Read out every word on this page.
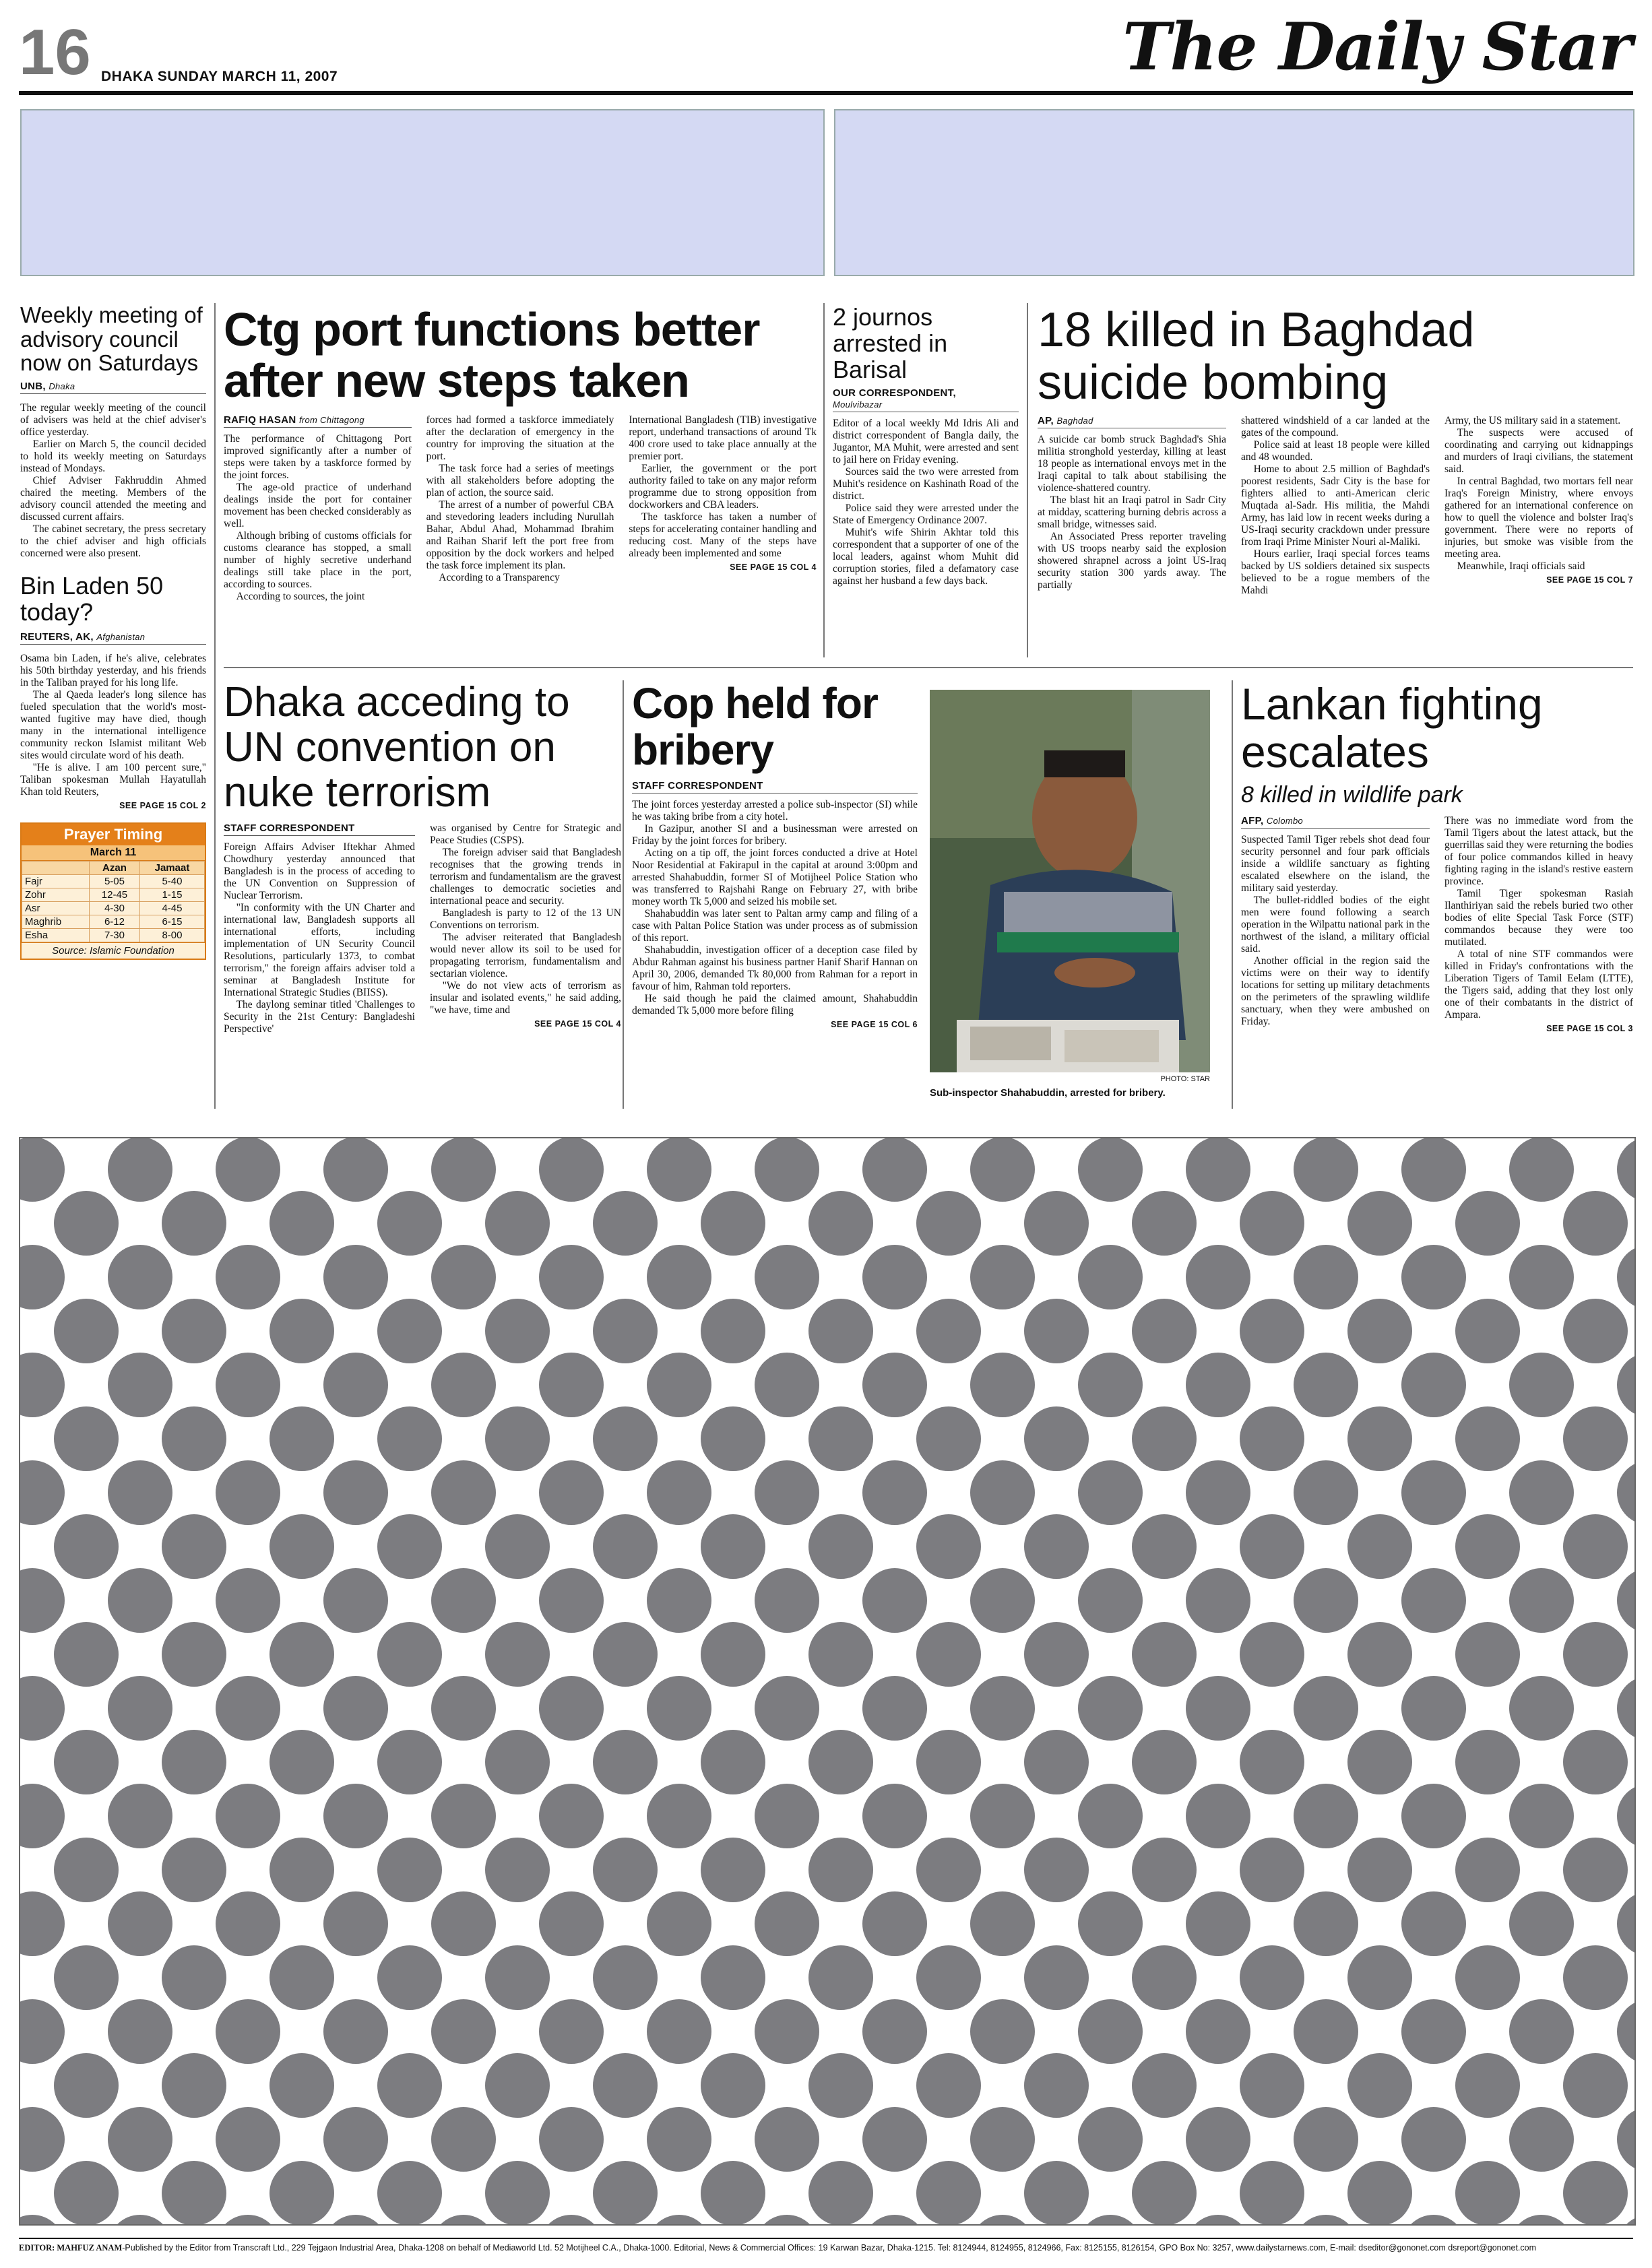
16 DHAKA SUNDAY MARCH 11, 2007	The Daily Star
Weekly meeting of advisory council now on Saturdays
UNB, Dhaka

The regular weekly meeting of the council of advisers was held at the chief adviser's office yesterday.

Earlier on March 5, the council decided to hold its weekly meeting on Saturdays instead of Mondays.

Chief Adviser Fakhruddin Ahmed chaired the meeting. Members of the advisory council attended the meeting and discussed current affairs.

The cabinet secretary, the press secretary to the chief adviser and high officials concerned were also present.

Bin Laden 50 today?
REUTERS, AK, Afghanistan

Osama bin Laden, if he's alive, celebrates his 50th birthday yesterday, and his friends in the Taliban prayed for his long life.

The al Qaeda leader's long silence has fueled speculation that the world's most-wanted fugitive may have died, though many in the international intelligence community reckon Islamist militant Web sites would circulate word of his death.

"He is alive. I am 100 percent sure," Taliban spokesman Mullah Hayatullah Khan told Reuters,

SEE PAGE 15 COL 2
Prayer Timing
March 11
	Azan	Jamaat
Fajr	5-05	5-40
Zohr	12-45	1-15
Asr	4-30	4-45
Maghrib	6-12	6-15
Esha	7-30	8-00
Source: Islamic Foundation
Ctg port functions better after new steps taken
RAFIQ HASAN from Chittagong

The performance of Chittagong Port improved significantly after a number of steps were taken by a taskforce formed by the joint forces.

The age-old practice of underhand dealings inside the port for container movement has been checked considerably as well.

Although bribing of customs officials for customs clearance has stopped, a small number of highly secretive underhand dealings still take place in the port, according to sources.

According to sources, the joint

forces had formed a taskforce immediately after the declaration of emergency in the country for improving the situation at the port.

The task force had a series of meetings with all stakeholders before adopting the plan of action, the source said.

The arrest of a number of powerful CBA and stevedoring leaders including Nurullah Bahar, Abdul Ahad, Mohammad Ibrahim and Raihan Sharif left the port free from opposition by the dock workers and helped the task force implement its plan.

According to a Transparency

International Bangladesh (TIB) investigative report, underhand transactions of around Tk 400 crore used to take place annually at the premier port.

Earlier, the government or the port authority failed to take on any major reform programme due to strong opposition from dockworkers and CBA leaders.

The taskforce has taken a number of steps for accelerating container handling and reducing cost. Many of the steps have already been implemented and some

SEE PAGE 15 COL 4
2 journos arrested in Barisal
OUR CORRESPONDENT,
Moulvibazar

Editor of a local weekly Md Idris Ali and district correspondent of Bangla daily, the Jugantor, MA Muhit, were arrested and sent to jail here on Friday evening.

Sources said the two were arrested from Muhit's residence on Kashinath Road of the district.

Police said they were arrested under the State of Emergency Ordinance 2007.

Muhit's wife Shirin Akhtar told this correspondent that a supporter of one of the local leaders, against whom Muhit did corruption stories, filed a defamatory case against her husband a few days back.

18 killed in Baghdad suicide bombing
AP, Baghdad

A suicide car bomb struck Baghdad's Shia militia stronghold yesterday, killing at least 18 people as international envoys met in the Iraqi capital to talk about stabilising the violence-shattered country.

The blast hit an Iraqi patrol in Sadr City at midday, scattering burning debris across a small bridge, witnesses said.

An Associated Press reporter traveling with US troops nearby said the explosion showered shrapnel across a joint US-Iraq security station 300 yards away. The partially

shattered windshield of a car landed at the gates of the compound.

Police said at least 18 people were killed and 48 wounded.

Home to about 2.5 million of Baghdad's poorest residents, Sadr City is the base for fighters allied to anti-American cleric Muqtada al-Sadr. His militia, the Mahdi Army, has laid low in recent weeks during a US-Iraqi security crackdown under pressure from Iraqi Prime Minister Nouri al-Maliki.

Hours earlier, Iraqi special forces teams backed by US soldiers detained six suspects believed to be a rogue members of the Mahdi

Army, the US military said in a statement.

The suspects were accused of coordinating and carrying out kidnappings and murders of Iraqi civilians, the statement said.

In central Baghdad, two mortars fell near Iraq's Foreign Ministry, where envoys gathered for an international conference on how to quell the violence and bolster Iraq's government. There were no reports of injuries, but smoke was visible from the meeting area.

Meanwhile, Iraqi officials said

SEE PAGE 15 COL 7
Dhaka acceding to UN convention on nuke terrorism
STAFF CORRESPONDENT

Foreign Affairs Adviser Iftekhar Ahmed Chowdhury yesterday announced that Bangladesh is in the process of acceding to the UN Convention on Suppression of Nuclear Terrorism.

"In conformity with the UN Charter and international law, Bangladesh supports all international efforts, including implementation of UN Security Council Resolutions, particularly 1373, to combat terrorism," the foreign affairs adviser told a seminar at Bangladesh Institute for International Strategic Studies (BIISS).

The daylong seminar titled 'Challenges to Security in the 21st Century: Bangladeshi Perspective'

was organised by Centre for Strategic and Peace Studies (CSPS).

The foreign adviser said that Bangladesh recognises that the growing trends in terrorism and fundamentalism are the gravest challenges to democratic societies and international peace and security.

Bangladesh is party to 12 of the 13 UN Conventions on terrorism.

The adviser reiterated that Bangladesh would never allow its soil to be used for propagating terrorism, fundamentalism and sectarian violence.

"We do not view acts of terrorism as insular and isolated events," he said adding, "we have, time and

SEE PAGE 15 COL 4
Cop held for bribery
STAFF CORRESPONDENT

The joint forces yesterday arrested a police sub-inspector (SI) while he was taking bribe from a city hotel.

In Gazipur, another SI and a businessman were arrested on Friday by the joint forces for bribery.

Acting on a tip off, the joint forces conducted a drive at Hotel Noor Residential at Fakirapul in the capital at around 3:00pm and arrested Shahabuddin, former SI of Motijheel Police Station who was transferred to Rajshahi Range on February 27, with bribe money worth Tk 5,000 and seized his mobile set.

Shahabuddin was later sent to Paltan army camp and filing of a case with Paltan Police Station was under process as of submission of this report.

Shahabuddin, investigation officer of a deception case filed by Abdur Rahman against his business partner Hanif Sharif Hannan on April 30, 2006, demanded Tk 80,000 from Rahman for a report in favour of him, Rahman told reporters.

He said though he paid the claimed amount, Shahabuddin demanded Tk 5,000 more before filing

SEE PAGE 15 COL 6
PHOTO: STAR
Sub-inspector Shahabuddin, arrested for bribery.
Lankan fighting escalates
8 killed in wildlife park
AFP, Colombo

Suspected Tamil Tiger rebels shot dead four security personnel and four park officials inside a wildlife sanctuary as fighting escalated elsewhere on the island, the military said yesterday.

The bullet-riddled bodies of the eight men were found following a search operation in the Wilpattu national park in the northwest of the island, a military official said.

Another official in the region said the victims were on their way to identify locations for setting up military detachments on the perimeters of the sprawling wildlife sanctuary, when they were ambushed on Friday.

There was no immediate word from the Tamil Tigers about the latest attack, but the guerrillas said they were returning the bodies of four police commandos killed in heavy fighting raging in the island's restive eastern province.

Tamil Tiger spokesman Rasiah Ilanthiriyan said the rebels buried two other bodies of elite Special Task Force (STF) commandos because they were too mutilated.

A total of nine STF commandos were killed in Friday's confrontations with the Liberation Tigers of Tamil Eelam (LTTE), the Tigers said, adding that they lost only one of their combatants in the district of Ampara.

SEE PAGE 15 COL 3
EDITOR: MAHFUZ ANAM-Published by the Editor from Transcraft Ltd., 229 Tejgaon Industrial Area, Dhaka-1208 on behalf of Mediaworld Ltd. 52 Motijheel C.A., Dhaka-1000. Editorial, News & Commercial Offices: 19 Karwan Bazar, Dhaka-1215. Tel: 8124944, 8124955, 8124966, Fax: 8125155, 8126154, GPO Box No: 3257, www.dailystarnews.com, E-mail: dseditor@gononet.com dsreport@gononet.com
